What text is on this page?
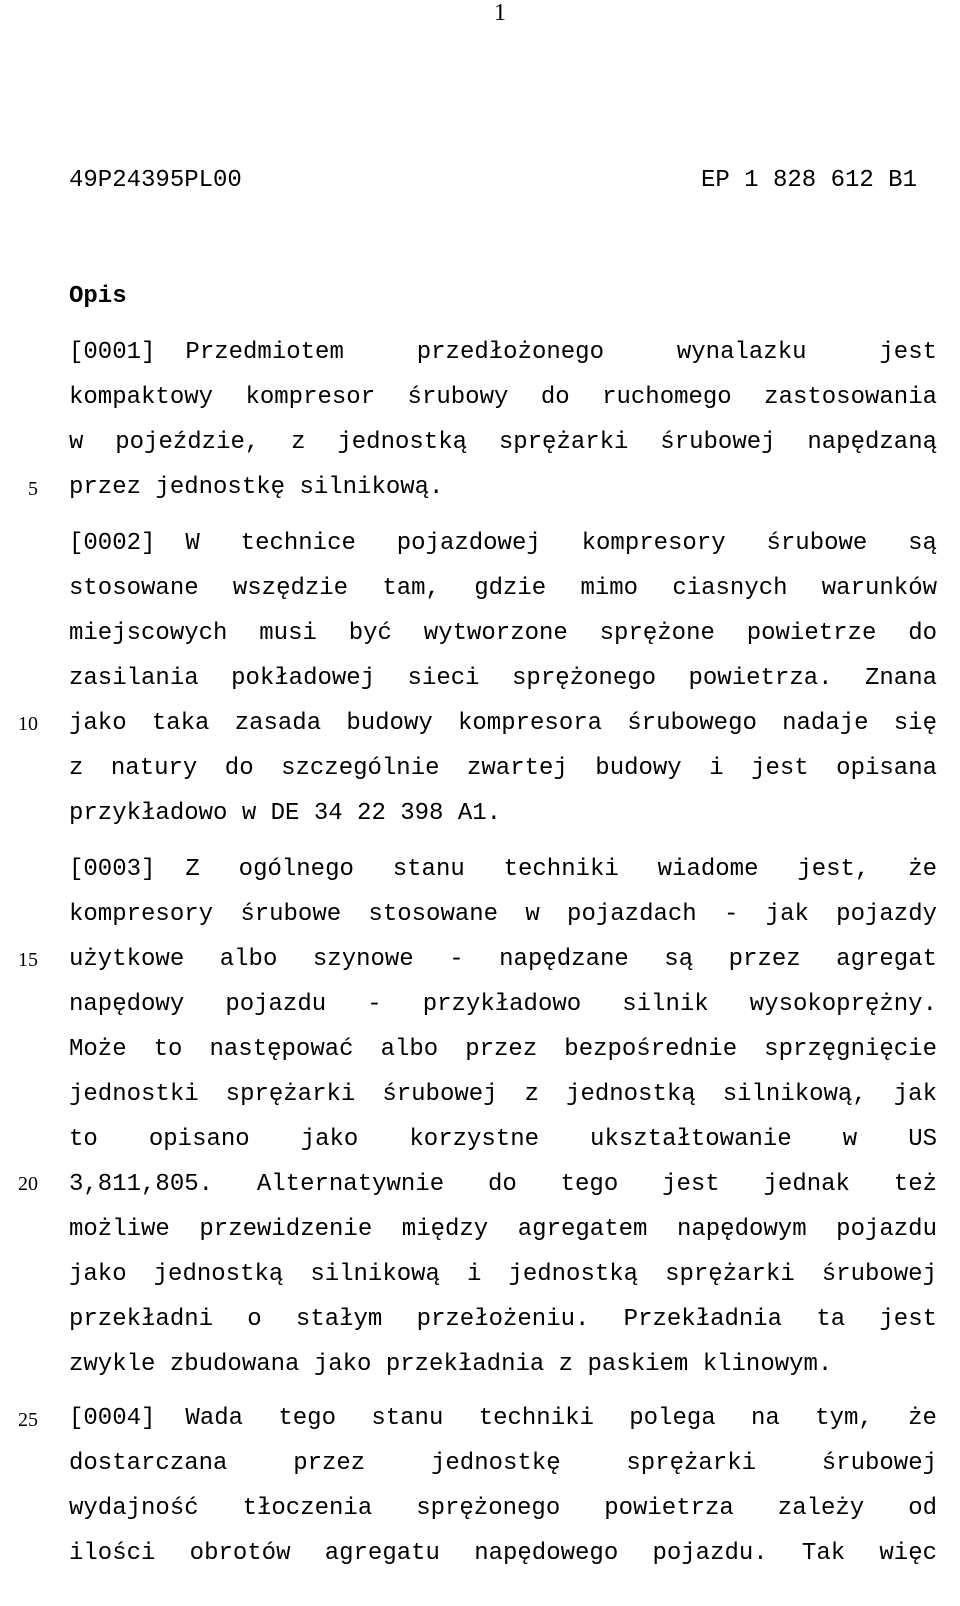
1
49P24395PL00	EP 1 828 612 B1
Opis
5
10
15
20
25
[0001] Przedmiotem	przedłożonego	wynalazku	jest
kompaktowy kompresor śrubowy do ruchomego zastosowania
w pojeździe, z jednostką sprężarki śrubowej napędzaną
przez jednostkę silnikową.
[0002] W technice pojazdowej kompresory śrubowe są
stosowane wszędzie tam, gdzie mimo ciasnych warunków
miejscowych musi być wytworzone sprężone powietrze do
zasilania pokładowej sieci sprężonego powietrza. Znana
jako taka zasada budowy kompresora śrubowego nadaje się
z natury do szczególnie zwartej budowy i jest opisana
przykładowo w DE 34 22 398 A1.
[0003] Z ogólnego stanu techniki wiadome jest, że
kompresory śrubowe stosowane w pojazdach - jak pojazdy
użytkowe albo szynowe - napędzane są przez agregat
napędowy pojazdu - przykładowo silnik wysokoprężny.
Może to następować albo przez bezpośrednie sprzęgnięcie
jednostki sprężarki śrubowej z jednostką silnikową, jak
to opisano jako korzystne ukształtowanie w US
3,811,805. Alternatywnie do tego jest jednak też
możliwe przewidzenie między agregatem napędowym pojazdu
jako jednostką silnikową i jednostką sprężarki śrubowej
przekładni o stałym przełożeniu. Przekładnia ta jest
zwykle zbudowana jako przekładnia z paskiem klinowym.
[0004] Wada tego stanu techniki polega na tym, że
dostarczana przez jednostkę sprężarki śrubowej
wydajność tłoczenia sprężonego powietrza zależy od
ilości obrotów agregatu napędowego pojazdu. Tak więc
